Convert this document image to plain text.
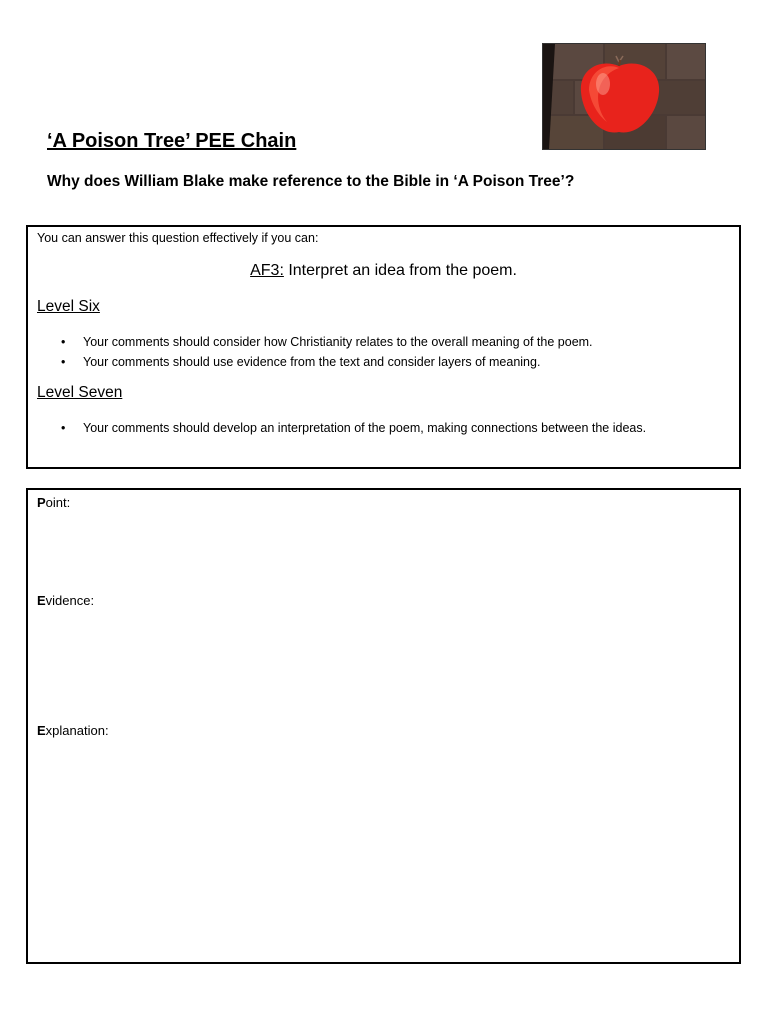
‘A Poison Tree’ PEE Chain
Why does William Blake make reference to the Bible in ‘A Poison Tree’?
You can answer this question effectively if you can:
AF3: Interpret an idea from the poem.
Level Six
• Your comments should consider how Christianity relates to the overall meaning of the poem.
• Your comments should use evidence from the text and consider layers of meaning.
Level Seven
• Your comments should develop an interpretation of the poem, making connections between the ideas.
Point:
Evidence:
Explanation:
